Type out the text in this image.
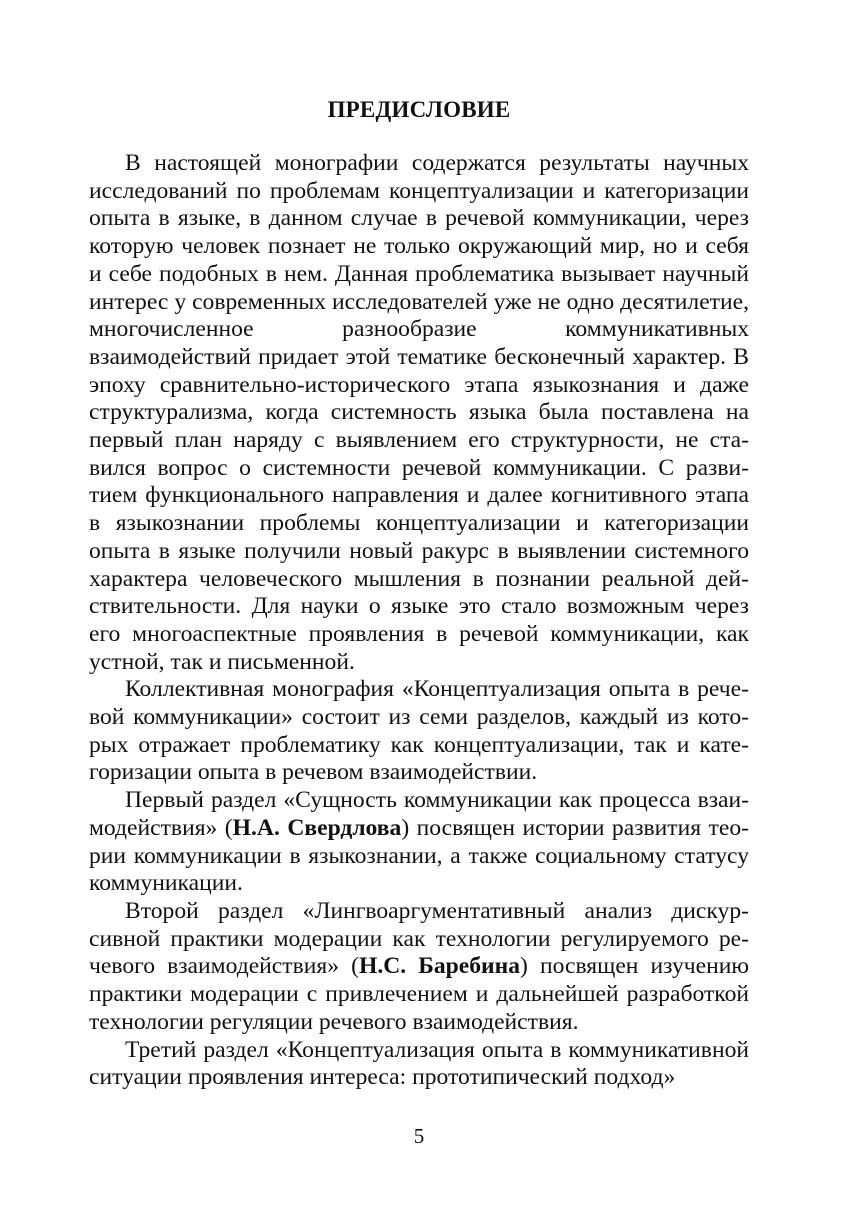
ПРЕДИСЛОВИЕ

В настоящей монографии содержатся результаты научных исследований по проблемам концептуализации и категоризации опыта в языке, в данном случае в речевой коммуникации, через которую человек познает не только окружающий мир, но и себя и себе подобных в нем. Данная проблематика вызывает научный интерес у современных исследователей уже не одно десятилетие, многочисленное разнообразие коммуникативных взаимодействий придает этой тематике бесконечный характер. В эпоху сравнительно-исторического этапа языкознания и даже структурализма, когда системность языка была поставлена на первый план наряду с выявлением его структурности, не ставился вопрос о системности речевой коммуникации. С развитием функционального направления и далее когнитивного этапа в языкознании проблемы концептуализации и категоризации опыта в языке получили новый ракурс в выявлении системного характера человеческого мышления в познании реальной действительности. Для науки о языке это стало возможным через его многоаспектные проявления в речевой коммуникации, как устной, так и письменной.

Коллективная монография «Концептуализация опыта в речевой коммуникации» состоит из семи разделов, каждый из которых отражает проблематику как концептуализации, так и категоризации опыта в речевом взаимодействии.

Первый раздел «Сущность коммуникации как процесса взаимодействия» (Н.А. Свердлова) посвящен истории развития теории коммуникации в языкознании, а также социальному статусу коммуникации.

Второй раздел «Лингвоаргументативный анализ дискурсивной практики модерации как технологии регулируемого речевого взаимодействия» (Н.С. Баребина) посвящен изучению практики модерации с привлечением и дальнейшей разработкой технологии регуляции речевого взаимодействия.

Третий раздел «Концептуализация опыта в коммуникативной ситуации проявления интереса: прототипический подход»

5
